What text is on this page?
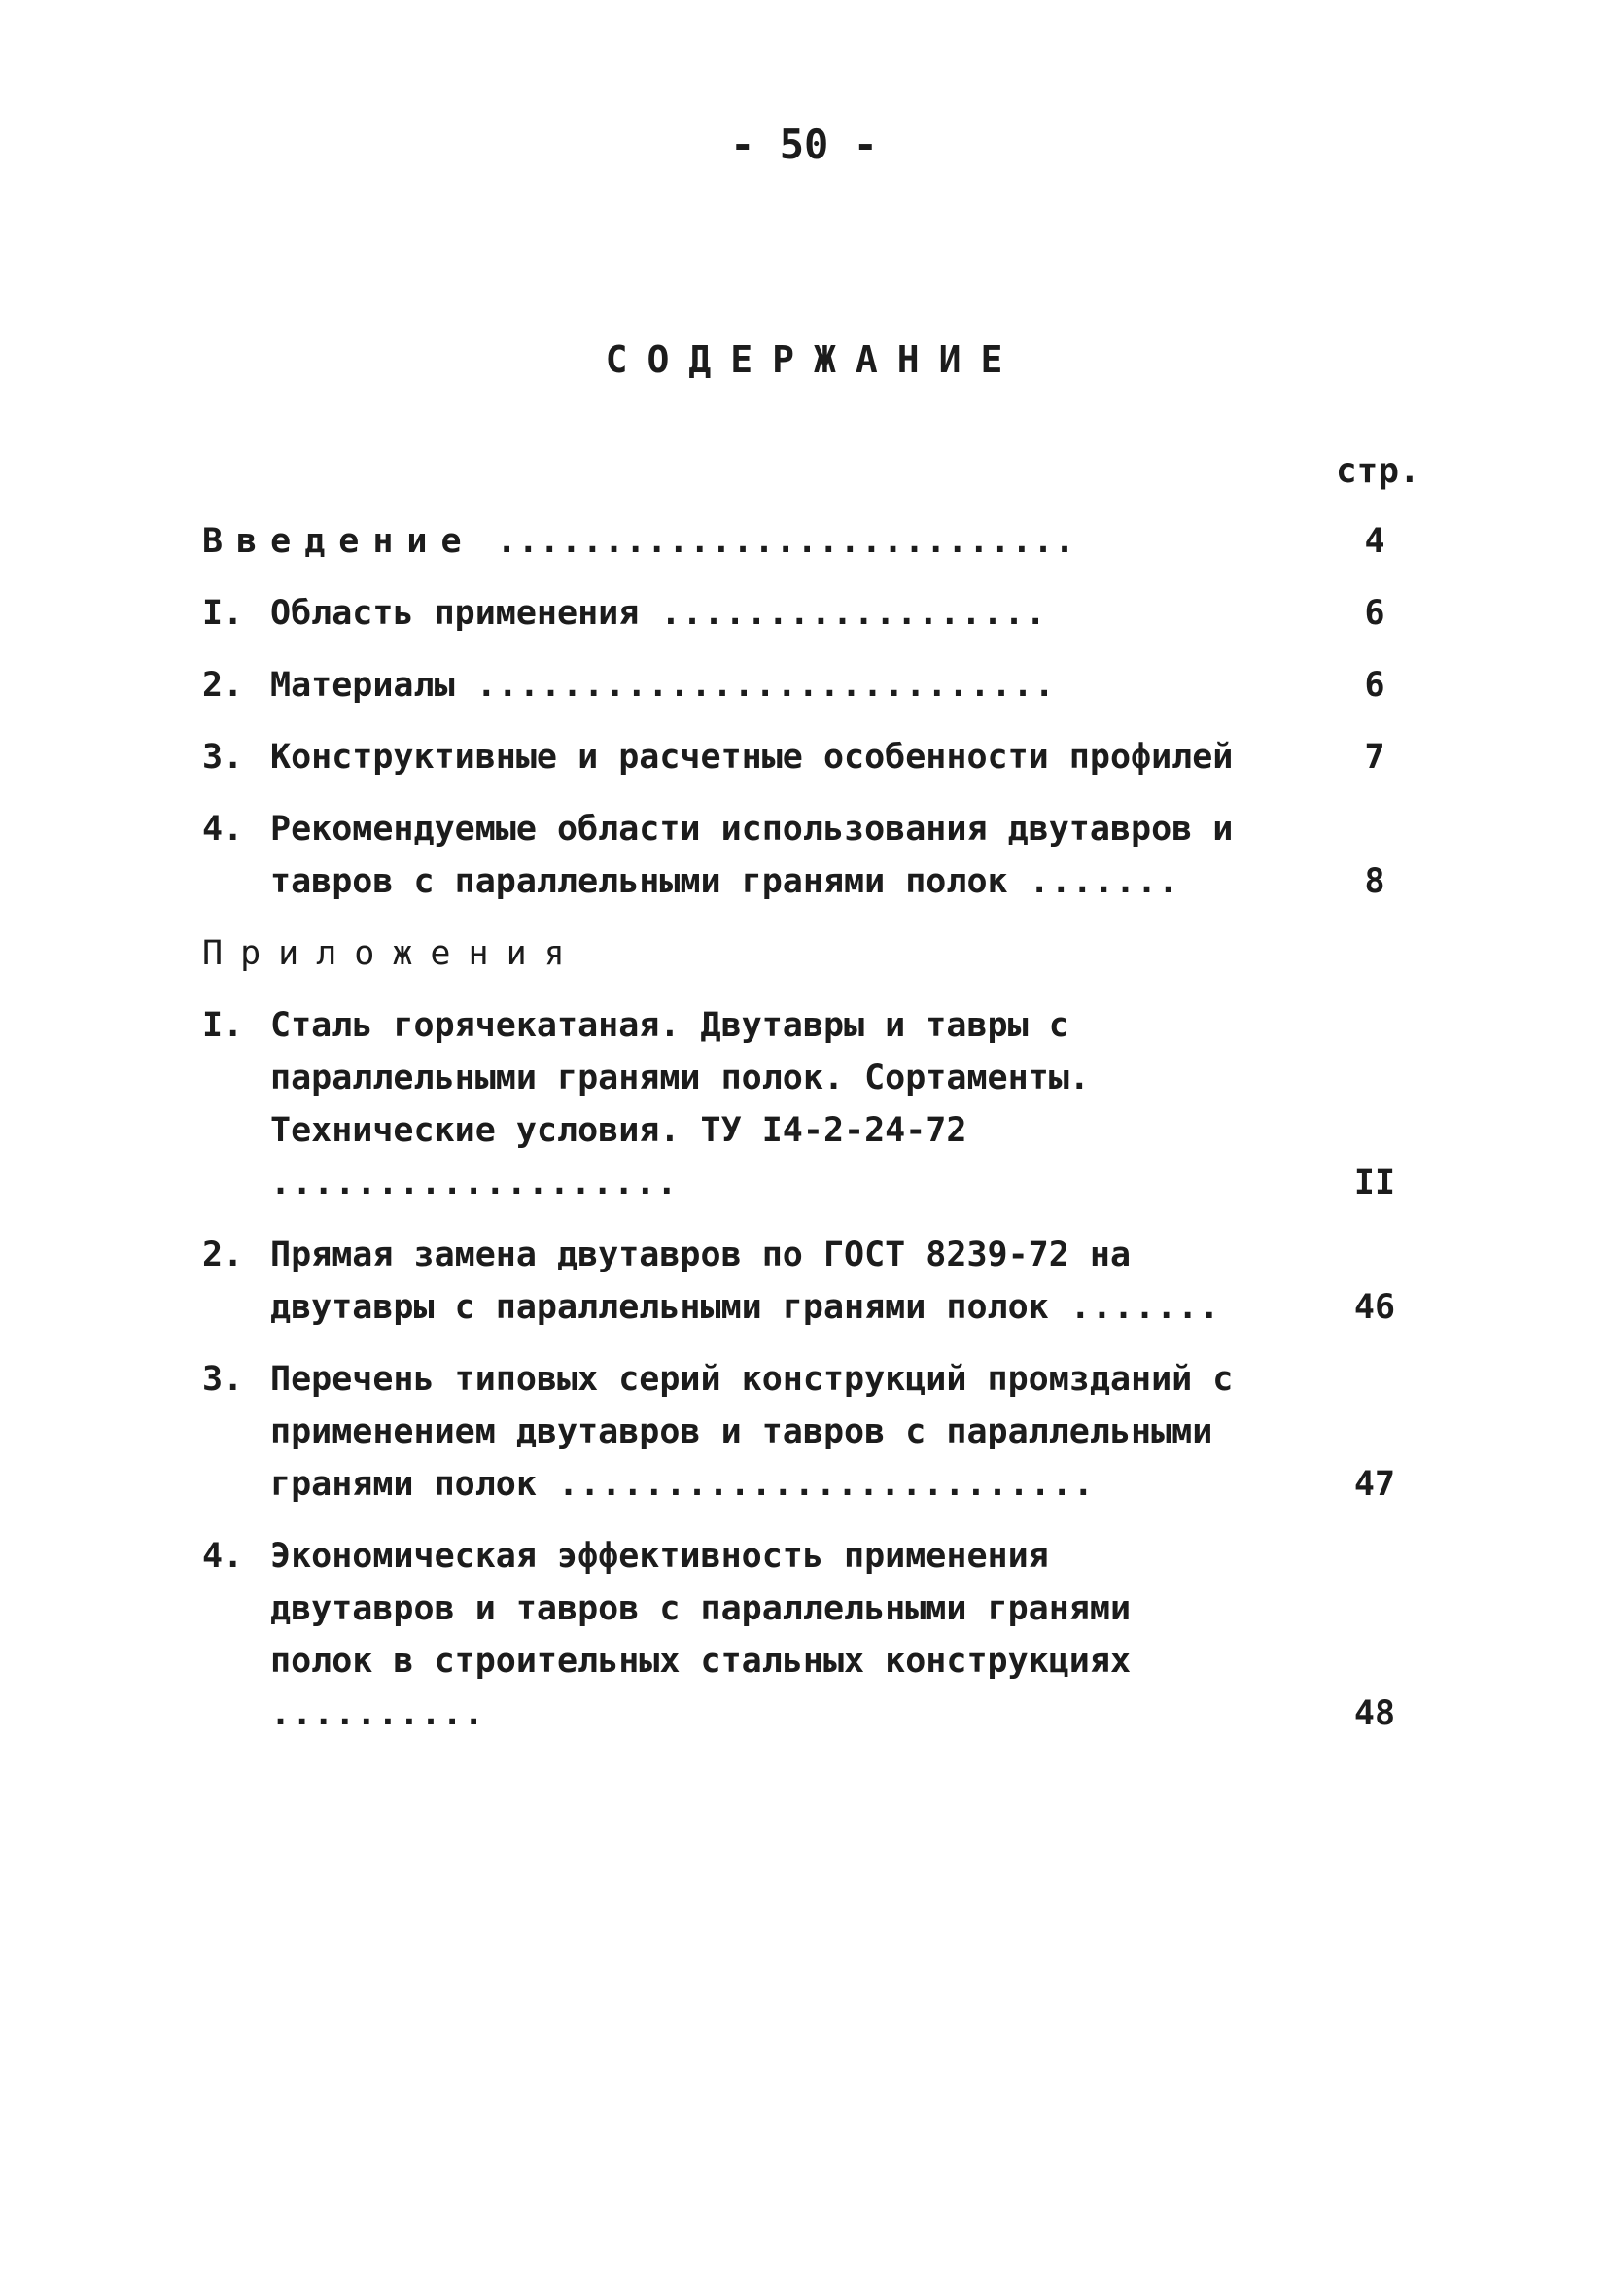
- 50 -
СОДЕРЖАНИЕ
стр.
Введение ...........................	4
I. Область применения ..................	6
2. Материалы ...........................	6
3. Конструктивные и расчетные особенности профилей	7
4. Рекомендуемые области использования двутавров и тавров с параллельными гранями полок .......	8
Приложения
I. Сталь горячекатаная. Двутавры и тавры с параллельными гранями полок. Сортаменты. Технические условия. ТУ I4-2-24-72 ...................	II
2. Прямая замена двутавров по ГОСТ 8239-72 на двутавры с параллельными гранями полок .......	46
3. Перечень типовых серий конструкций промзданий с применением двутавров и тавров с параллельными гранями полок .........................	47
4. Экономическая эффективность применения двутавров и тавров с параллельными гранями полок в строительных стальных конструкциях ..........	48
